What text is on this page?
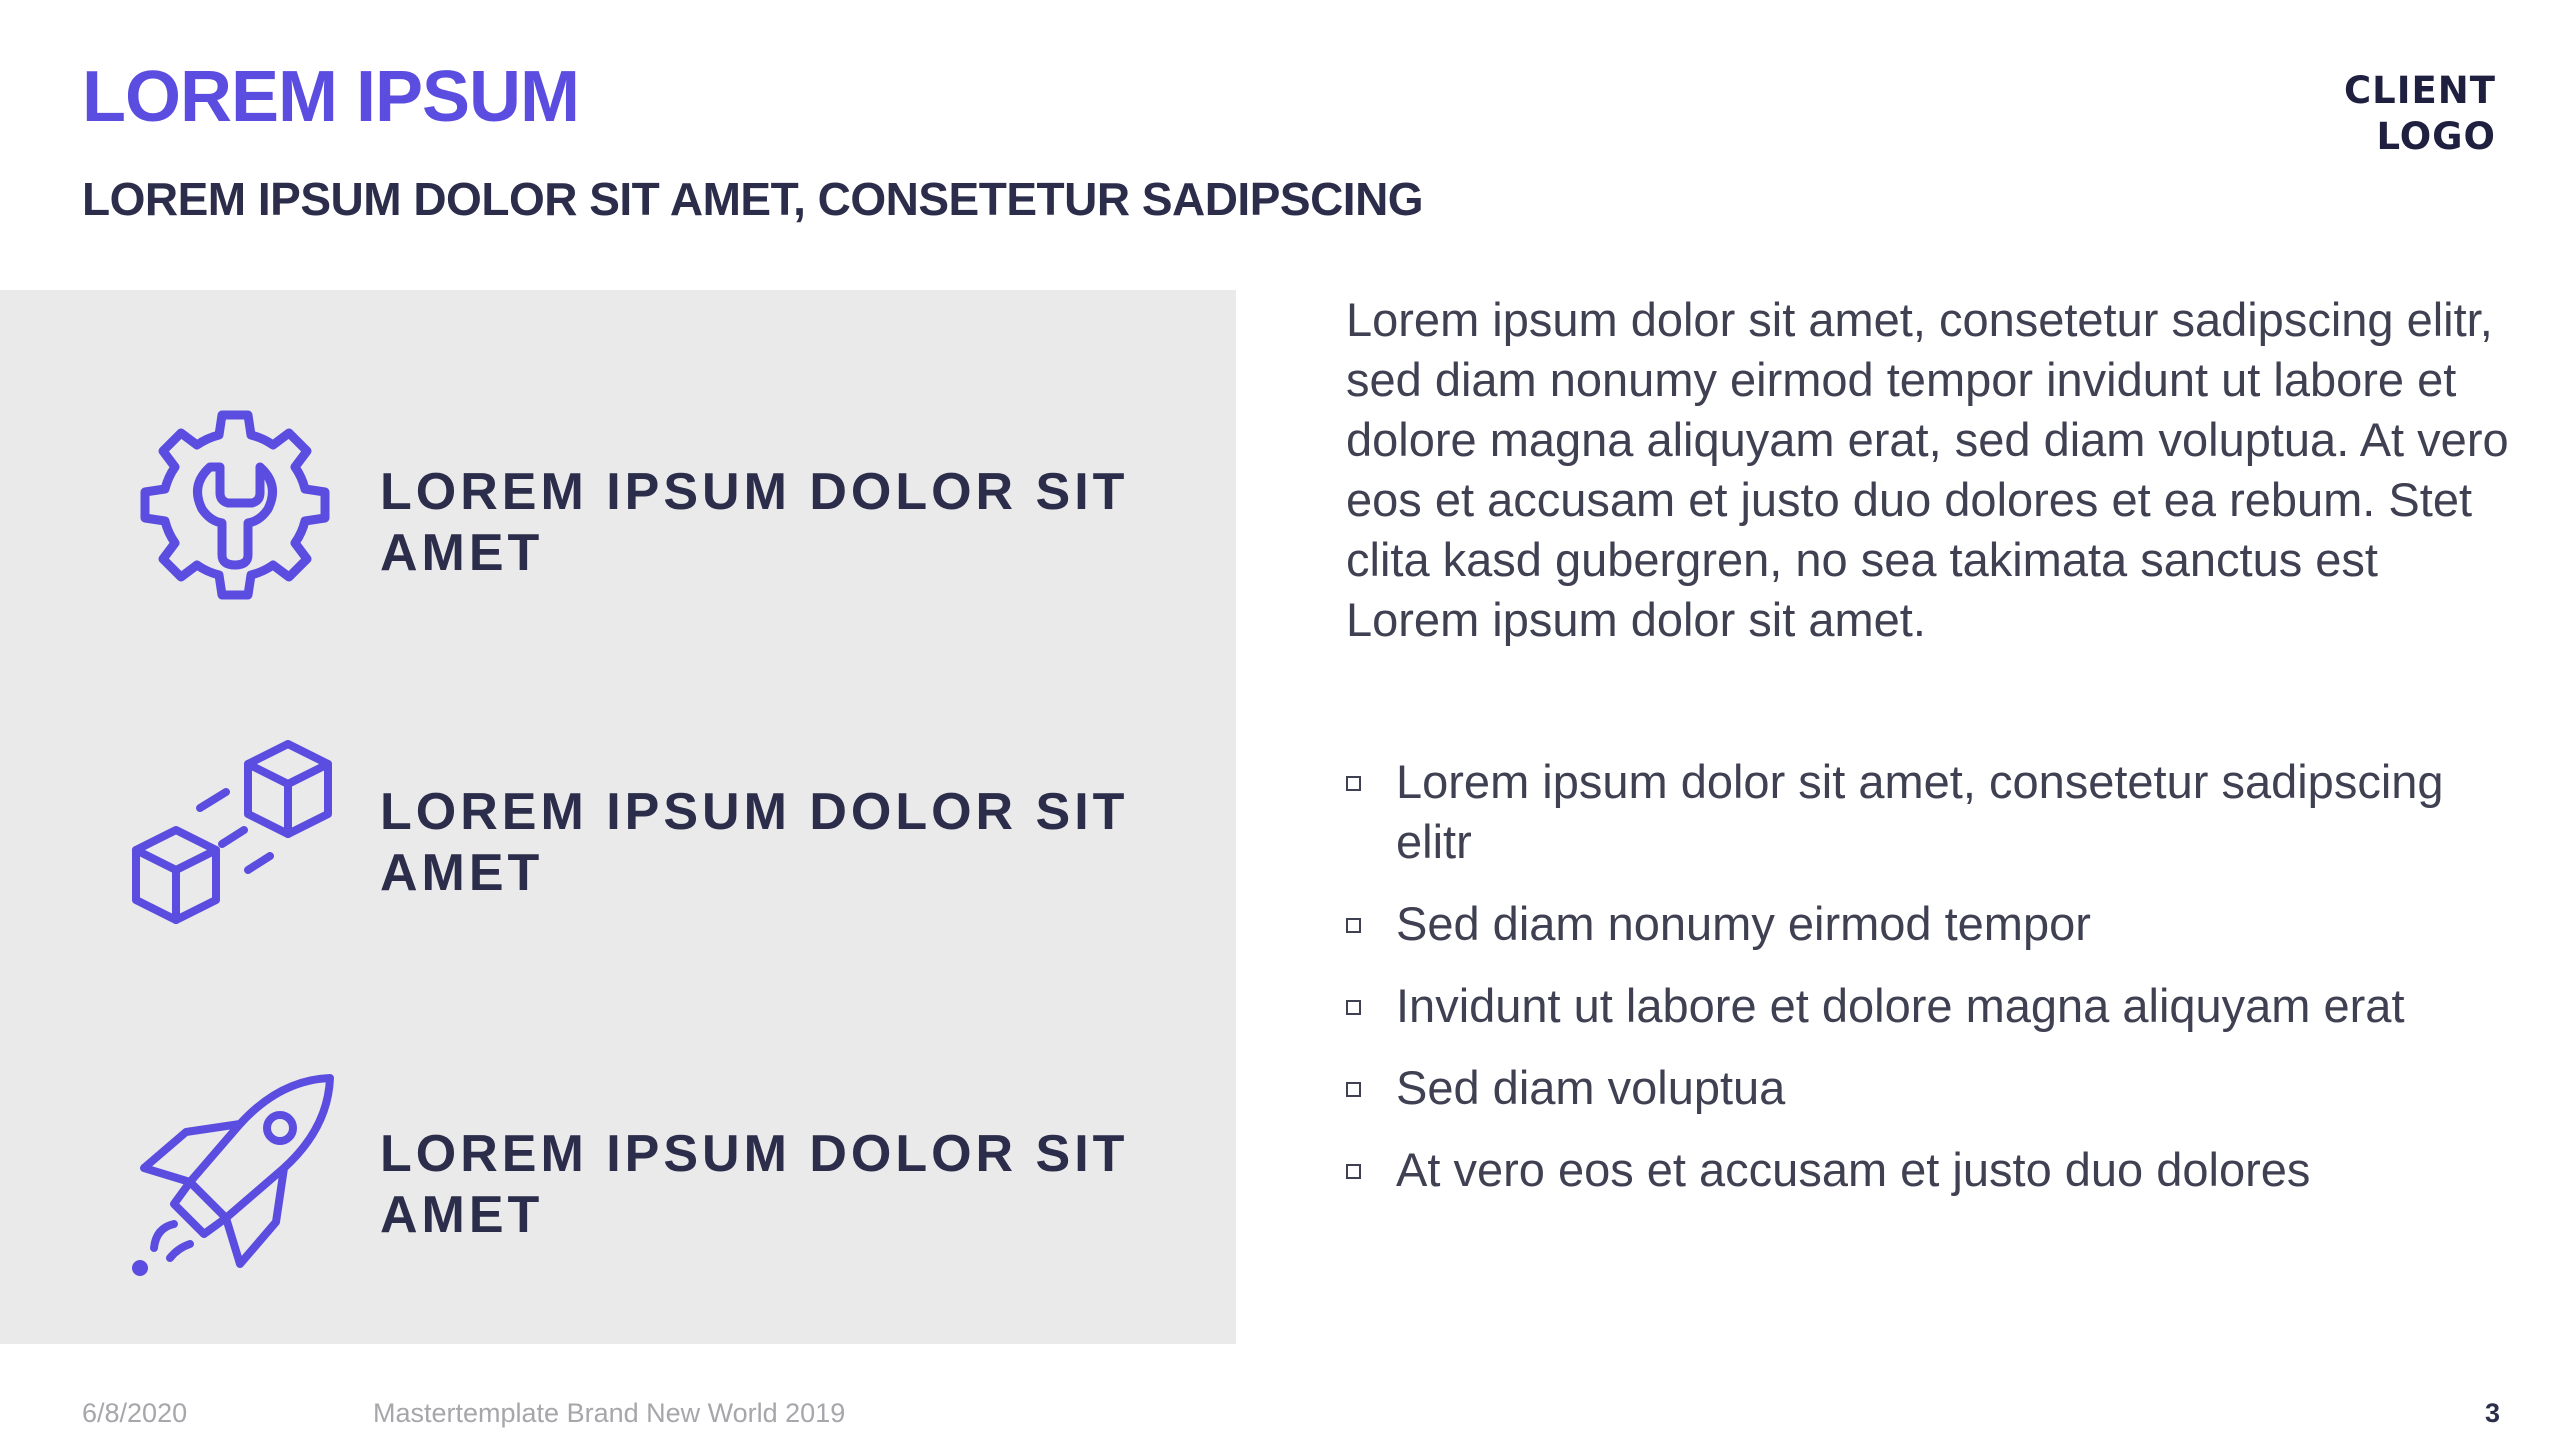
LOREM IPSUM
LOREM IPSUM DOLOR SIT AMET, CONSETETUR SADIPSCING
CLIENT
LOGO
LOREM IPSUM DOLOR SIT
AMET
LOREM IPSUM DOLOR SIT
AMET
LOREM IPSUM DOLOR SIT
AMET
Lorem ipsum dolor sit amet, consetetur sadipscing elitr, sed diam nonumy eirmod tempor invidunt ut labore et dolore magna aliquyam erat, sed diam voluptua. At vero eos et accusam et justo duo dolores et ea rebum. Stet clita kasd gubergren, no sea takimata sanctus est Lorem ipsum dolor sit amet.
Lorem ipsum dolor sit amet, consetetur sadipscing elitr
Sed diam nonumy eirmod tempor
Invidunt ut labore et dolore magna aliquyam erat
Sed diam voluptua
At vero eos et accusam et justo duo dolores
6/8/2020	Mastertemplate Brand New World 2019	3
